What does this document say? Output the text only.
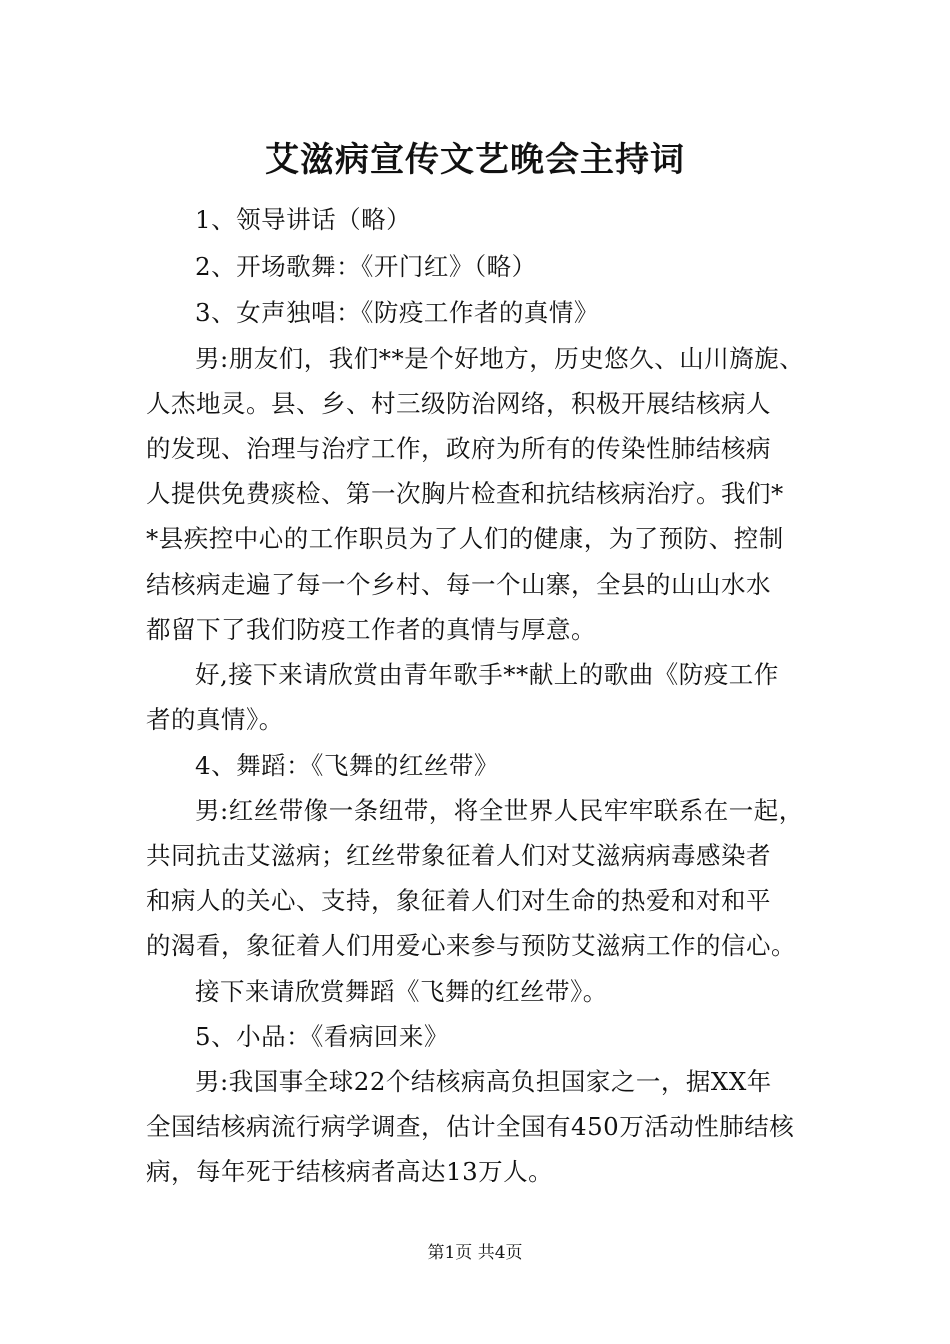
艾滋病宣传文艺晚会主持词
1、领导讲话（略）
2、开场歌舞：《开门红》（略）
3、女声独唱：《防疫工作者的真情》
男:朋友们，我们**是个好地方，历史悠久、山川旖旎、
人杰地灵。县、乡、村三级防治网络，积极开展结核病人
的发现、治理与治疗工作，政府为所有的传染性肺结核病
人提供免费痰检、第一次胸片检查和抗结核病治疗。我们*
*县疾控中心的工作职员为了人们的健康，为了预防、控制
结核病走遍了每一个乡村、每一个山寨，全县的山山水水
都留下了我们防疫工作者的真情与厚意。
好,接下来请欣赏由青年歌手**献上的歌曲《防疫工作
者的真情》。
4、舞蹈：《飞舞的红丝带》
男:红丝带像一条纽带，将全世界人民牢牢联系在一起，
共同抗击艾滋病；红丝带象征着人们对艾滋病病毒感染者
和病人的关心、支持，象征着人们对生命的热爱和对和平
的渴看，象征着人们用爱心来参与预防艾滋病工作的信心。
接下来请欣赏舞蹈《飞舞的红丝带》。
5、小品：《看病回来》
男:我国事全球22个结核病高负担国家之一，据XX年
全国结核病流行病学调查，估计全国有450万活动性肺结核
病，每年死于结核病者高达13万人。
第1页 共4页
